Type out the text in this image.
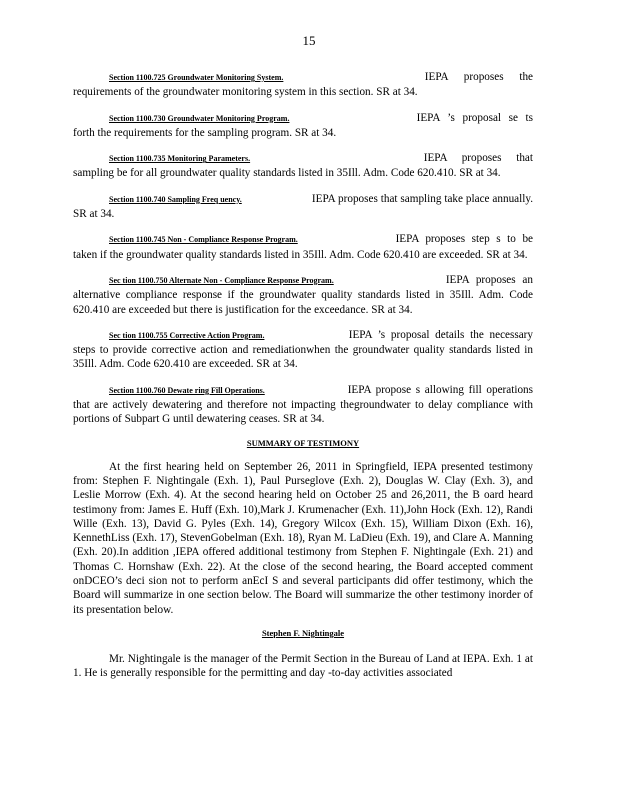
15

Section 1100.725 Groundwater Monitoring System.	IEPA proposes the requirements of the groundwater monitoring system in this section. SR at 34.

Section 1100.730 Groundwater Monitoring Program.	IEPA ’s proposal se ts forth the requirements for the sampling program. SR at 34.

Section 1100.735 Monitoring Parameters.	IEPA proposes that sampling be for all groundwater quality standards listed in 35Ill. Adm. Code 620.410. SR at 34.

Section 1100.740 Sampling Freq uency.	IEPA proposes that sampling take place annually. SR at 34.

Section 1100.745 Non - Compliance Response Program.	IEPA proposes step s to be taken if the groundwater quality standards listed in 35Ill. Adm. Code 620.410 are exceeded. SR at 34.

Sec tion 1100.750 Alternate Non - Compliance Response Program.	IEPA proposes an alternative compliance response if the groundwater quality standards listed in 35Ill. Adm. Code 620.410 are exceeded but there is justification for the exceedance. SR at 34.

Sec tion 1100.755 Corrective Action Program.	IEPA ’s proposal details the necessary steps to provide corrective action and remediationwhen the groundwater quality standards listed in 35Ill. Adm. Code 620.410 are exceeded. SR at 34.

Section 1100.760 Dewate ring Fill Operations.	IEPA propose s allowing fill operations that are actively dewatering and therefore not impacting thegroundwater to delay compliance with portions of Subpart G until dewatering ceases. SR at 34.

SUMMARY OF TESTIMONY

At the first hearing held on September 26, 2011 in Springfield, IEPA presented testimony from: Stephen F. Nightingale (Exh. 1), Paul Purseglove (Exh. 2), Douglas W. Clay (Exh. 3), and Leslie Morrow (Exh. 4). At the second hearing held on October 25 and 26,2011, the B oard heard testimony from: James E. Huff (Exh. 10),Mark J. Krumenacher (Exh. 11),John Hock (Exh. 12), Randi Wille (Exh. 13), David G. Pyles (Exh. 14), Gregory Wilcox (Exh. 15), William Dixon (Exh. 16), KennethLiss (Exh. 17), StevenGobelman (Exh. 18), Ryan M. LaDieu (Exh. 19), and Clare A. Manning (Exh. 20).In addition ,IEPA offered additional testimony from Stephen F. Nightingale (Exh. 21) and Thomas C. Hornshaw (Exh. 22). At the close of the second hearing, the Board accepted comment onDCEO’s deci sion not to perform anEcI S and several participants did offer testimony, which the Board will summarize in one section below. The Board will summarize the other testimony inorder of its presentation below.

Stephen F. Nightingale

Mr. Nightingale is the manager of the Permit Section in the Bureau of Land at IEPA. Exh. 1 at 1. He is generally responsible for the permitting and day -to-day activities associated
